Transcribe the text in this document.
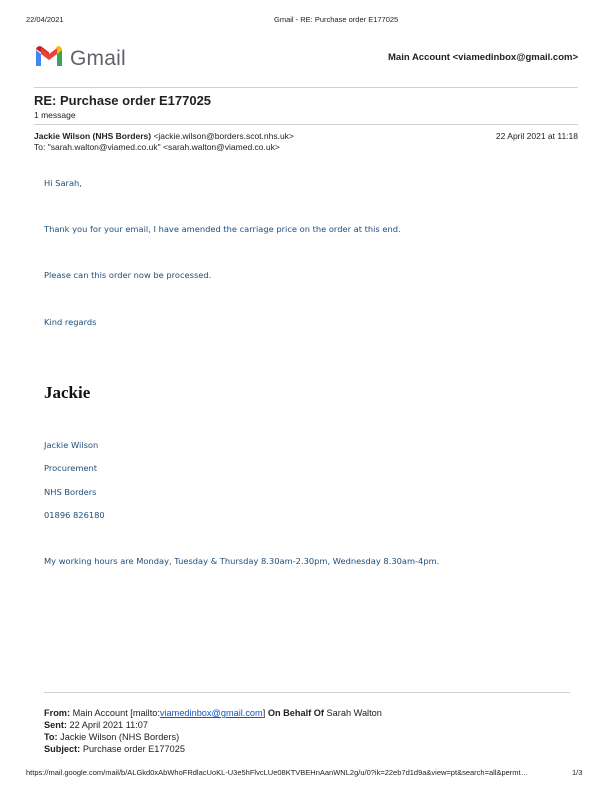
22/04/2021	Gmail - RE: Purchase order E177025
Gmail	Main Account <viamedinbox@gmail.com>
RE: Purchase order E177025
1 message
Jackie Wilson (NHS Borders) <jackie.wilson@borders.scot.nhs.uk>	22 April 2021 at 11:18
To: "sarah.walton@viamed.co.uk" <sarah.walton@viamed.co.uk>
Hi Sarah,
Thank you for your email, I have amended the carriage price on the order at this end.
Please can this order now be processed.
Kind regards
Jackie
Jackie Wilson
Procurement
NHS Borders
01896 826180
My working hours are Monday, Tuesday & Thursday 8.30am-2.30pm, Wednesday 8.30am-4pm.
From: Main Account [mailto:viamedinbox@gmail.com] On Behalf Of Sarah Walton
Sent: 22 April 2021 11:07
To: Jackie Wilson (NHS Borders)
Subject: Purchase order E177025
https://mail.google.com/mail/b/ALGkd0xAbWhoFRdlacUoKL-U3e5hFlvcLUe08KTVBEHnAanWNL2g/u/0?ik=22eb7d1d9a&view=pt&search=all&permt…	1/3
